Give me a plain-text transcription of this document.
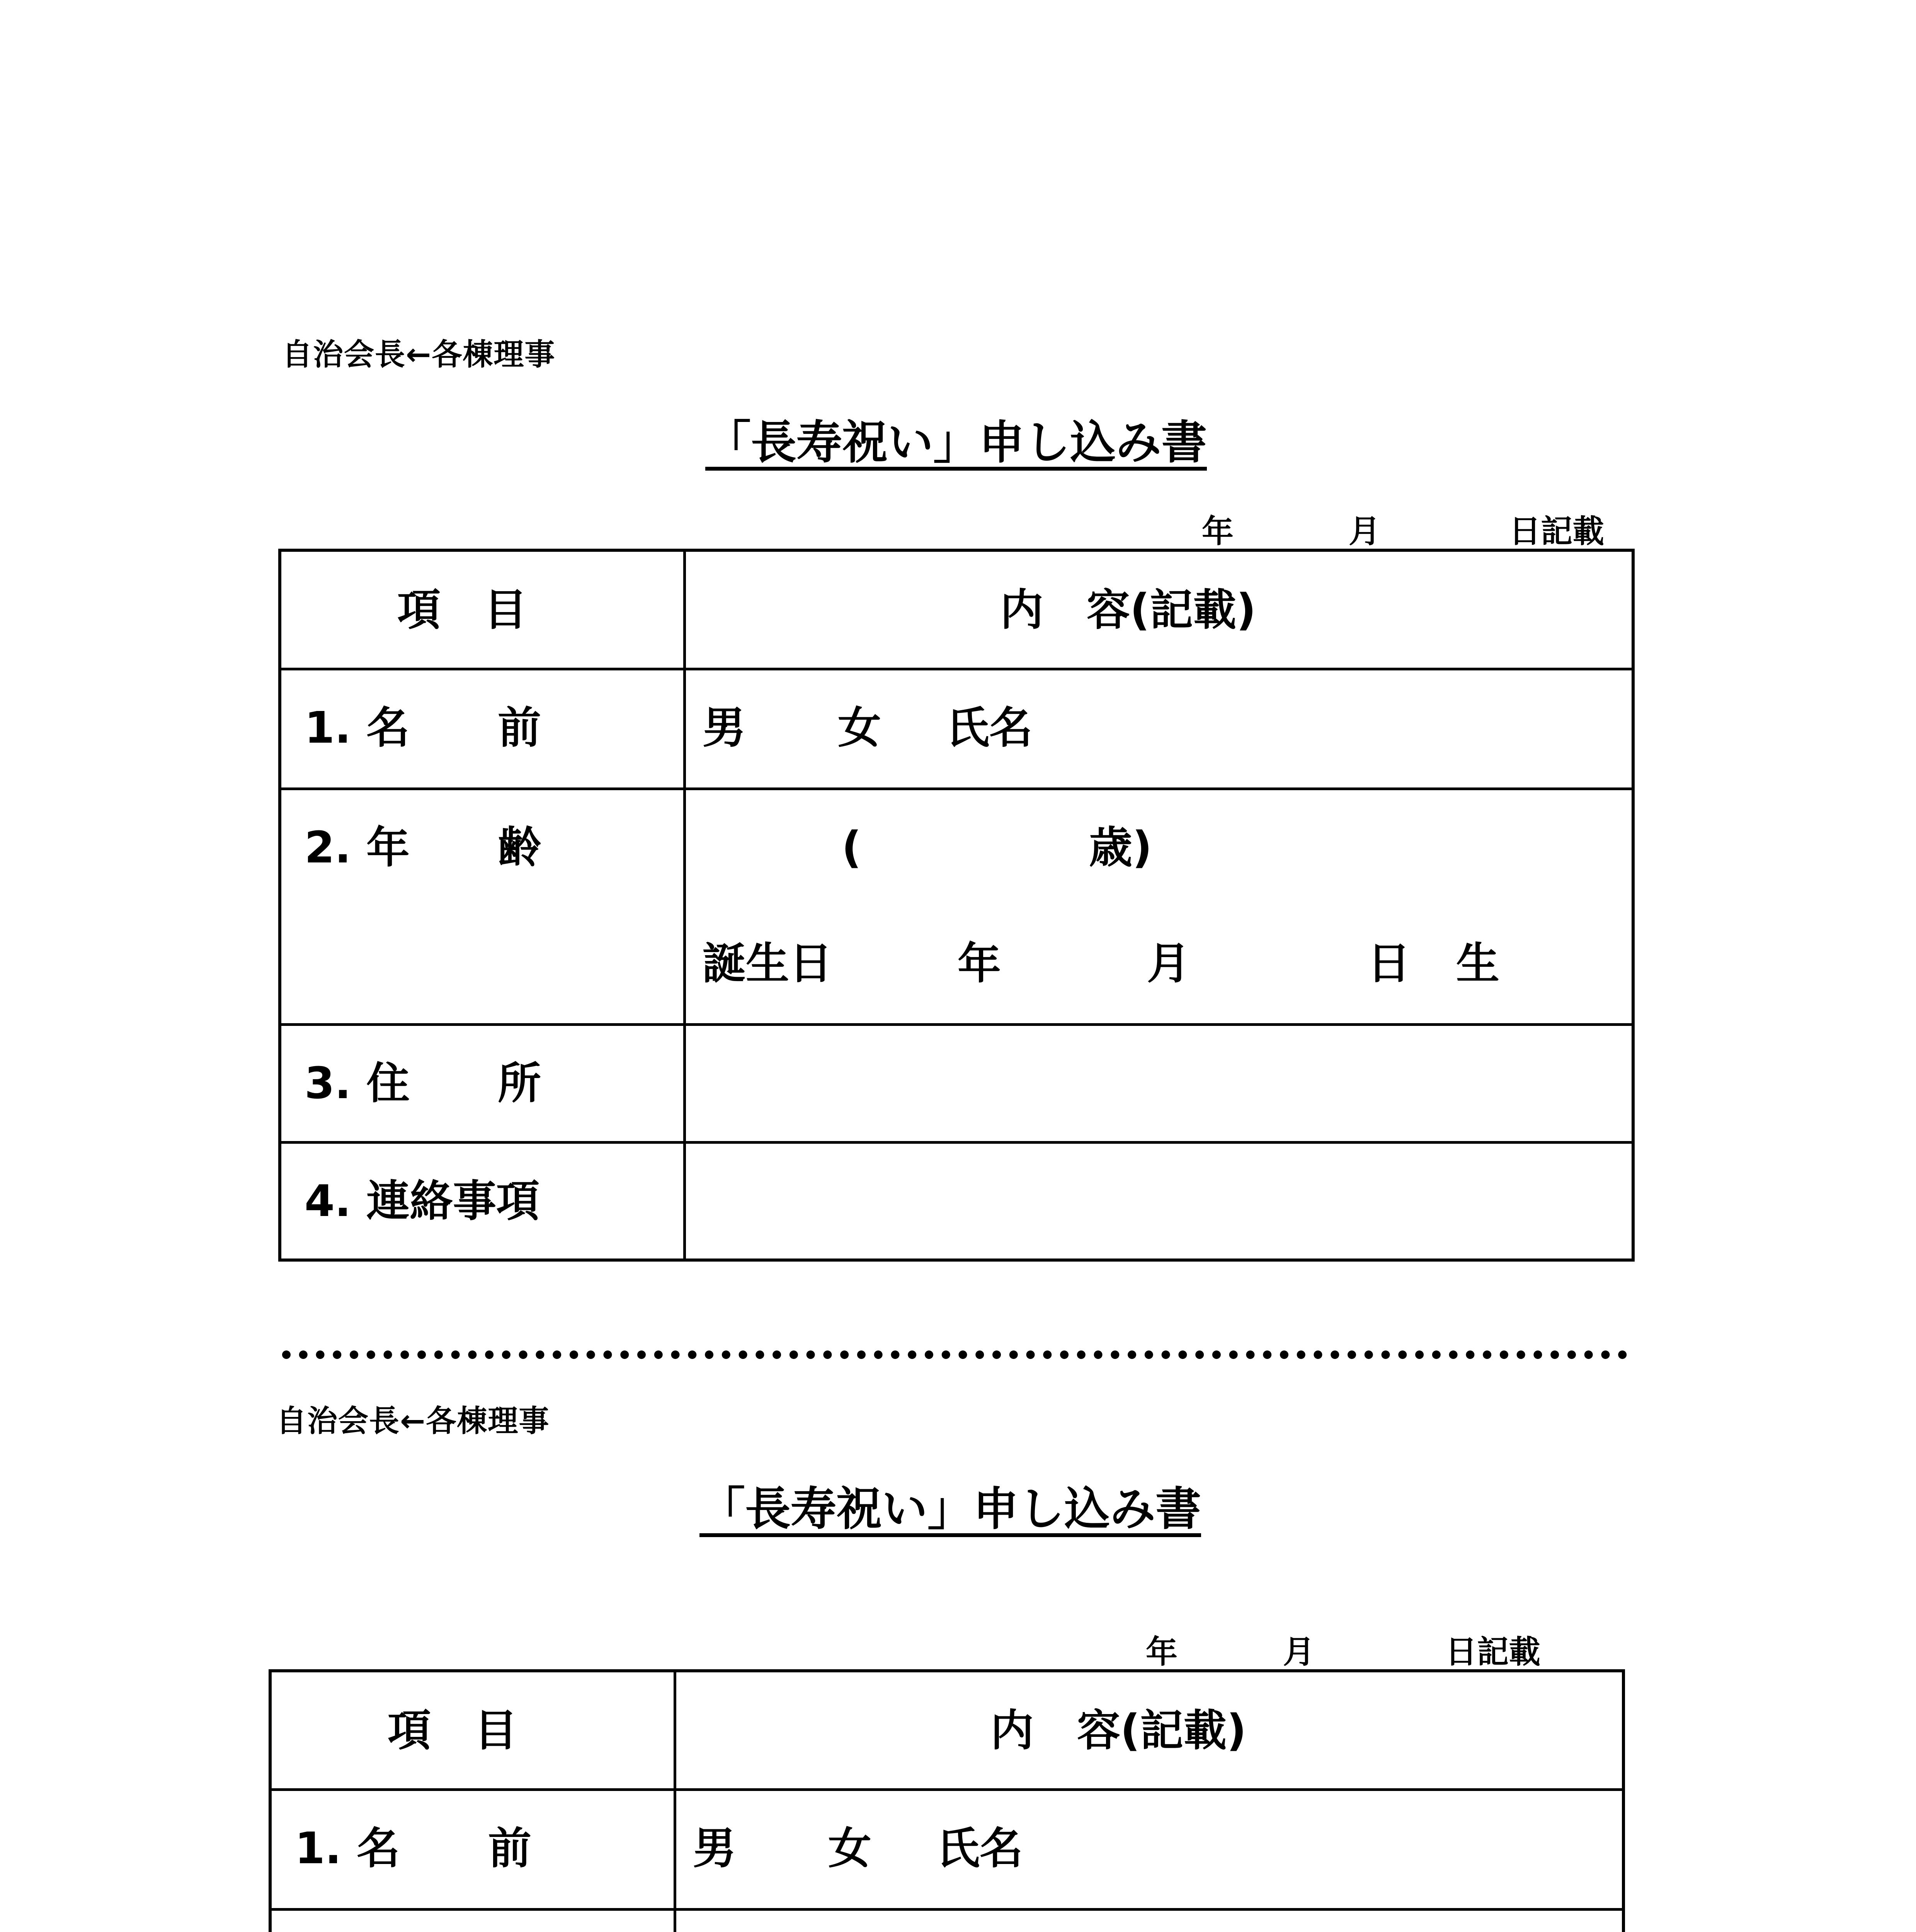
自治会長←各棟理事
「長寿祝い」申し込み書
年	月	日記載
項　目	内　容(記載)
1. 名 前	男 女 氏名
2. 年 齢	(	歳)
誕生日	年	月	日 生
3. 住 所
4. 連絡事項
自治会長←各棟理事
「長寿祝い」申し込み書
年	月	日記載
項　目	内　容(記載)
1. 名 前	男 女 氏名
